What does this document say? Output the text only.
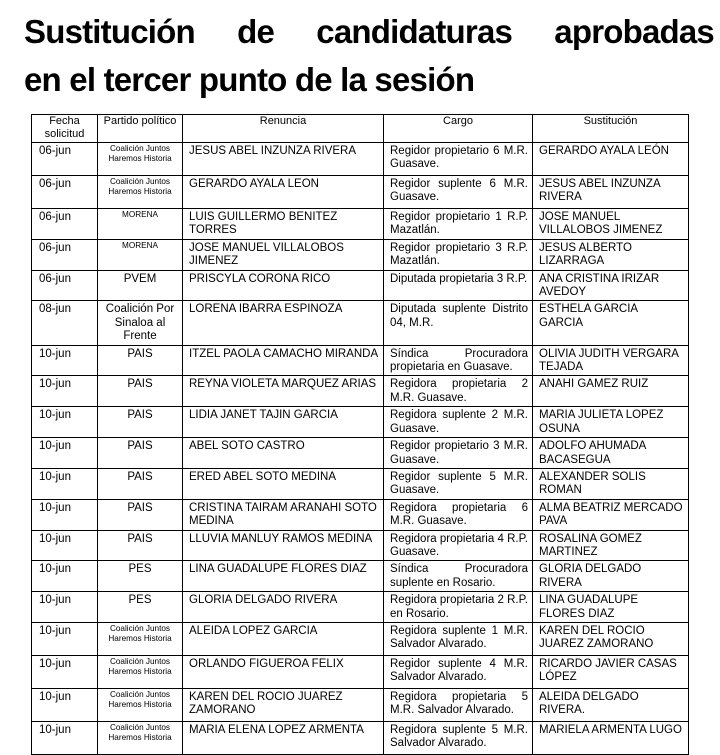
Sustitución de candidaturas aprobadas
en el tercer punto de la sesión
Fecha solicitud	Partido político	Renuncia	Cargo	Sustitución
06-jun	Coalición Juntos Haremos Historia	JESUS ABEL INZUNZA RIVERA	Regidor propietario 6 M.R. Guasave.	GERARDO AYALA LEÓN
06-jun	Coalición Juntos Haremos Historia	GERARDO AYALA LEON	Regidor suplente 6 M.R. Guasave.	JESUS ABEL INZUNZA RIVERA
06-jun	MORENA	LUIS GUILLERMO BENITEZ TORRES	Regidor propietario 1 R.P. Mazatlán.	JOSE MANUEL VILLALOBOS JIMENEZ
06-jun	MORENA	JOSE MANUEL VILLALOBOS JIMENEZ	Regidor propietario 3 R.P. Mazatlán.	JESUS ALBERTO LIZARRAGA
06-jun	PVEM	PRISCYLA CORONA RICO	Diputada propietaria 3 R.P.	ANA CRISTINA IRIZAR AVEDOY
08-jun	Coalición Por Sinaloa al Frente	LORENA IBARRA ESPINOZA	Diputada suplente Distrito 04, M.R.	ESTHELA GARCIA GARCIA
10-jun	PAIS	ITZEL PAOLA CAMACHO MIRANDA	Síndica Procuradora propietaria en Guasave.	OLIVIA JUDITH VERGARA TEJADA
10-jun	PAIS	REYNA VIOLETA MARQUEZ ARIAS	Regidora propietaria 2 M.R. Guasave.	ANAHI GAMEZ RUIZ
10-jun	PAIS	LIDIA JANET TAJIN GARCIA	Regidora suplente 2 M.R. Guasave.	MARIA JULIETA LOPEZ OSUNA
10-jun	PAIS	ABEL SOTO CASTRO	Regidor propietario 3 M.R. Guasave.	ADOLFO AHUMADA BACASEGUA
10-jun	PAIS	ERED ABEL SOTO MEDINA	Regidor suplente 5 M.R. Guasave.	ALEXANDER SOLIS ROMAN
10-jun	PAIS	CRISTINA TAIRAM ARANAHI SOTO MEDINA	Regidora propietaria 6 M.R. Guasave.	ALMA BEATRIZ MERCADO PAVA
10-jun	PAIS	LLUVIA MANLUY RAMOS MEDINA	Regidora propietaria 4 R.P. Guasave.	ROSALINA GOMEZ MARTINEZ
10-jun	PES	LINA GUADALUPE FLORES DIAZ	Síndica Procuradora suplente en Rosario.	GLORIA DELGADO RIVERA
10-jun	PES	GLORIA DELGADO RIVERA	Regidora propietaria 2 R.P. en Rosario.	LINA GUADALUPE FLORES DIAZ
10-jun	Coalición Juntos Haremos Historia	ALEIDA LOPEZ GARCIA	Regidora suplente 1 M.R. Salvador Alvarado.	KAREN DEL ROCIO JUAREZ ZAMORANO
10-jun	Coalición Juntos Haremos Historia	ORLANDO FIGUEROA FELIX	Regidor suplente 4 M.R. Salvador Alvarado.	RICARDO JAVIER CASAS LÓPEZ
10-jun	Coalición Juntos Haremos Historia	KAREN DEL ROCIO JUAREZ ZAMORANO	Regidora propietaria 5 M.R. Salvador Alvarado.	ALEIDA DELGADO RIVERA.
10-jun	Coalición Juntos Haremos Historia	MARIA ELENA LOPEZ ARMENTA	Regidora suplente 5 M.R. Salvador Alvarado.	MARIELA ARMENTA LUGO
